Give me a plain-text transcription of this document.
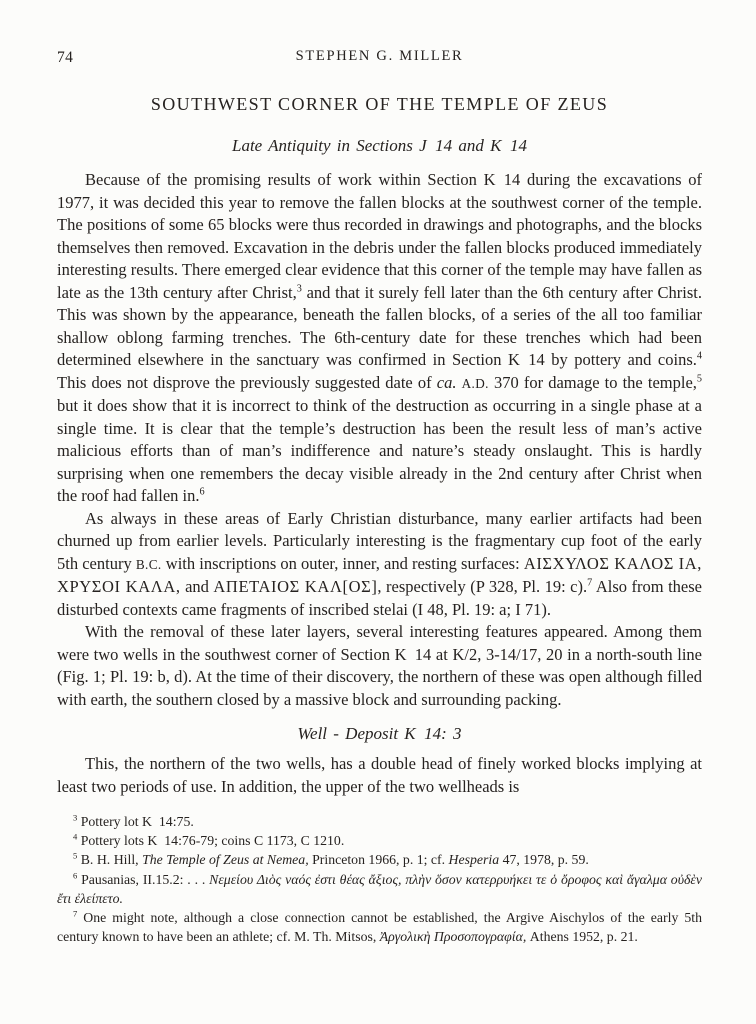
74	STEPHEN G. MILLER
SOUTHWEST CORNER OF THE TEMPLE OF ZEUS
Late Antiquity in Sections J 14 and K 14

Because of the promising results of work within Section K 14 during the excavations of 1977, it was decided this year to remove the fallen blocks at the southwest corner of the temple. The positions of some 65 blocks were thus recorded in drawings and photographs, and the blocks themselves then removed. Excavation in the debris under the fallen blocks produced immediately interesting results. There emerged clear evidence that this corner of the temple may have fallen as late as the 13th century after Christ,$^3$ and that it surely fell later than the 6th century after Christ. This was shown by the appearance, beneath the fallen blocks, of a series of the all too familiar shallow oblong farming trenches. The 6th-century date for these trenches which had been determined elsewhere in the sanctuary was confirmed in Section K 14 by pottery and coins.$^4$ This does not disprove the previously suggested date of ca. A.D. 370 for damage to the temple,$^5$ but it does show that it is incorrect to think of the destruction as occurring in a single phase at a single time. It is clear that the temple’s destruction has been the result less of man’s active malicious efforts than of man’s indifference and nature’s steady onslaught. This is hardly surprising when one remembers the decay visible already in the 2nd century after Christ when the roof had fallen in.$^6$

As always in these areas of Early Christian disturbance, many earlier artifacts had been churned up from earlier levels. Particularly interesting is the fragmentary cup foot of the early 5th century B.C. with inscriptions on outer, inner, and resting surfaces: ΑΙΣΧΥΛΟΣ ΚΑΛΟΣ ΙΑ, ΧΡΥΣΟΙ ΚΑΛΑ, and ΑΠΕΤΑΙΟΣ ΚΑΛ[ΟΣ], respectively (P 328, Pl. 19: c).$^7$ Also from these disturbed contexts came fragments of inscribed stelai (I 48, Pl. 19: a; I 71).

With the removal of these later layers, several interesting features appeared. Among them were two wells in the southwest corner of Section K 14 at K/2, 3-14/17, 20 in a north-south line (Fig. 1; Pl. 19: b, d). At the time of their discovery, the northern of these was open although filled with earth, the southern closed by a massive block and surrounding packing.

Well - Deposit K 14: 3

This, the northern of the two wells, has a double head of finely worked blocks implying at least two periods of use. In addition, the upper of the two wellheads is

$^3$ Pottery lot K 14:75.

$^4$ Pottery lots K 14:76-79; coins C 1173, C 1210.

$^5$ B. H. Hill, The Temple of Zeus at Nemea, Princeton 1966, p. 1; cf. Hesperia 47, 1978, p. 59.

$^6$ Pausanias, II.15.2: . . . Νεμείου Διὸς ναός ἐστι θέας ἄξιος, πλὴν ὅσον κατερρυήκει τε ὁ ὄροφος καὶ ἄγαλμα οὐδὲν ἔτι ἐλείπετο.

$^7$ One might note, although a close connection cannot be established, the Argive Aischylos of the early 5th century known to have been an athlete; cf. M. Th. Mitsos, Ἀργολικὴ Προσοπογραφία, Athens 1952, p. 21.
